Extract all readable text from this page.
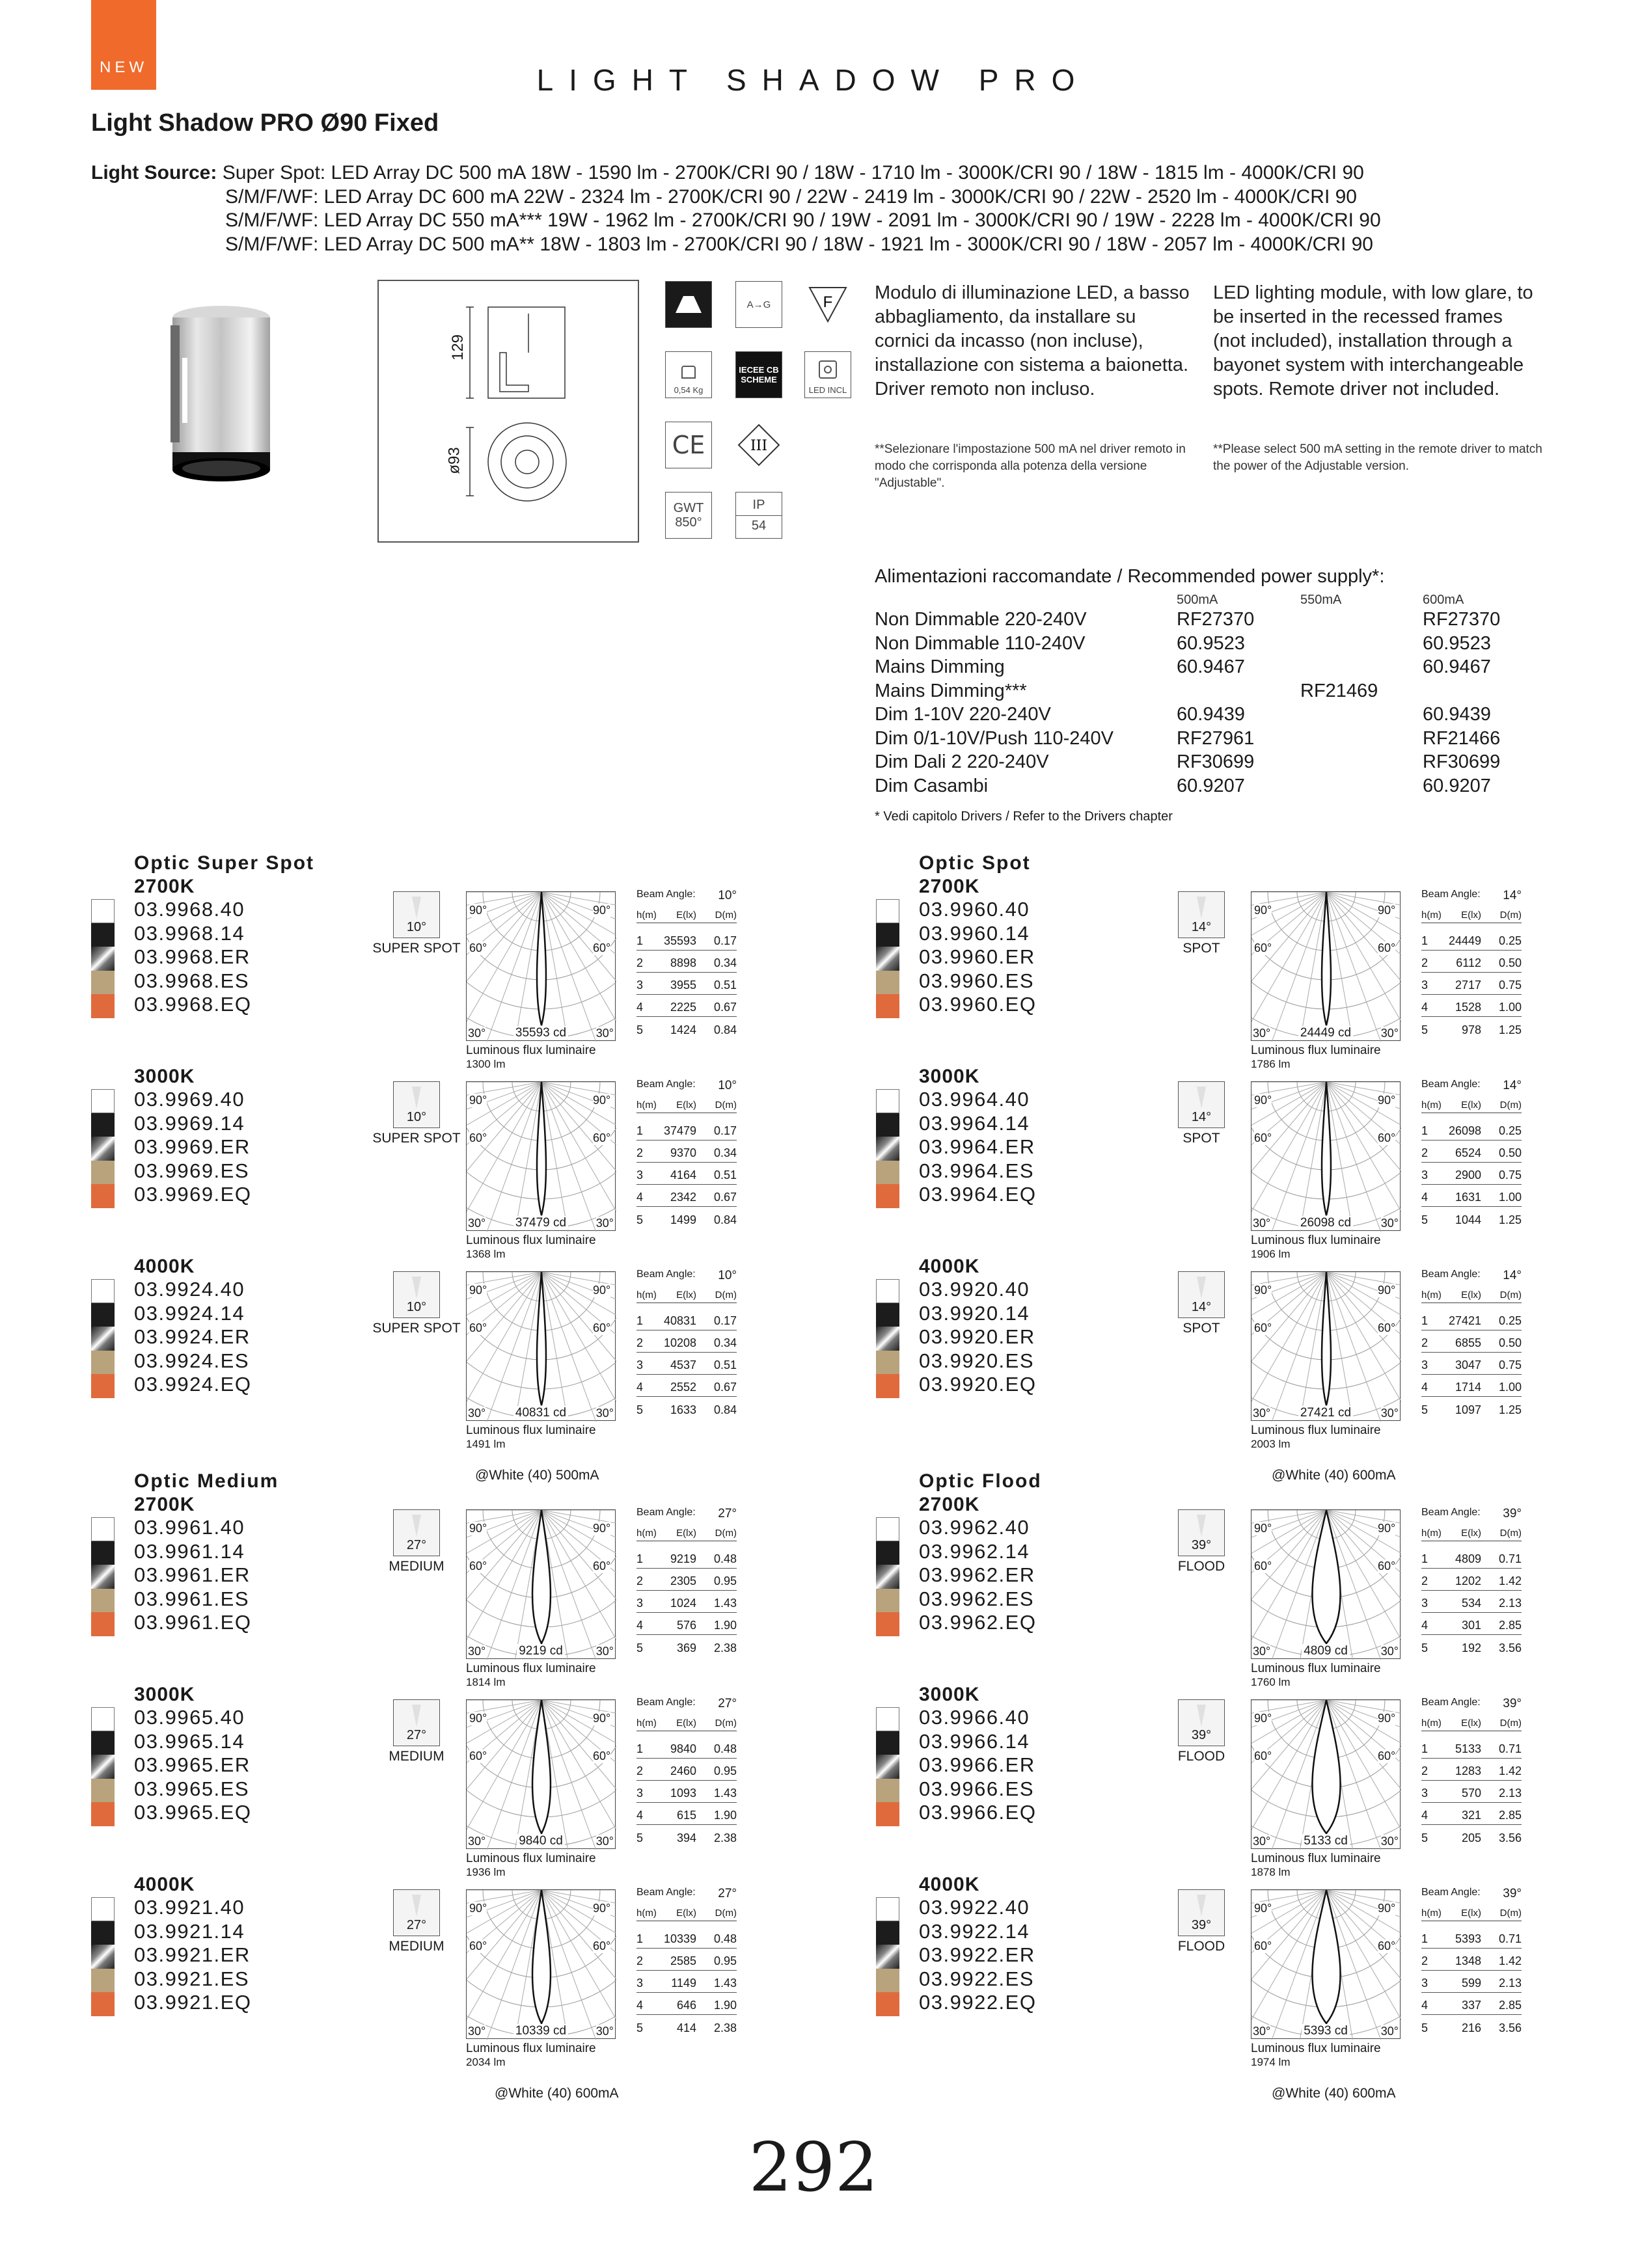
NEW	LIGHT SHADOW PRO
Light Shadow PRO Ø90 Fixed
Light Source: Super Spot: LED Array DC 500 mA 18W - 1590 lm - 2700K/CRI 90 / 18W - 1710 lm - 3000K/CRI 90 / 18W - 1815 lm - 4000K/CRI 90
S/M/F/WF: LED Array DC 600 mA 22W - 2324 lm - 2700K/CRI 90 / 22W - 2419 lm - 3000K/CRI 90 / 22W - 2520 lm - 4000K/CRI 90
S/M/F/WF: LED Array DC 550 mA*** 19W - 1962 lm - 2700K/CRI 90 / 19W - 2091 lm - 3000K/CRI 90 / 19W - 2228 lm - 4000K/CRI 90
S/M/F/WF: LED Array DC 500 mA** 18W - 1803 lm - 2700K/CRI 90 / 18W - 1921 lm - 3000K/CRI 90 / 18W - 2057 lm - 4000K/CRI 90
129
ø93
A→G	F
0,54 Kg
IECEE CB SCHEME
LED INCL
CE	III
GWT 850°
IP
54
Modulo di illuminazione LED, a basso abbagliamento, da installare su cornici da incasso (non incluse), installazione con sistema a baionetta. Driver remoto non incluso.
LED lighting module, with low glare, to be inserted in the recessed frames (not included), installation through a bayonet system with interchangeable spots. Remote driver not included.
**Selezionare l'impostazione 500 mA nel driver remoto in modo che corrisponda alla potenza della versione "Adjustable".
**Please select 500 mA setting in the remote driver to match the power of the Adjustable version.
Alimentazioni raccomandate / Recommended power supply*:
	500mA	550mA	600mA
Non Dimmable 220-240V	RF27370		RF27370
Non Dimmable 110-240V	60.9523		60.9523
Mains Dimming	60.9467		60.9467
Mains Dimming***		RF21469	
Dim 1-10V 220-240V	60.9439		60.9439
Dim 0/1-10V/Push 110-240V	RF27961		RF21466
Dim Dali 2 220-240V	RF30699		RF30699
Dim Casambi	60.9207		60.9207
* Vedi capitolo Drivers / Refer to the Drivers chapter
Optic Super Spot
2700K
03.9968.40
03.9968.14
03.9968.ER
03.9968.ES
03.9968.EQ
10°
SUPER SPOT
90°	90°
60°	60°
30°	30°
35593 cd
Luminous flux luminaire
1300 lm
Beam Angle: 10°
h(m)	E(lx)	D(m)
1	35593	0.17
2	8898	0.34
3	3955	0.51
4	2225	0.67
5	1424	0.84
3000K
03.9969.40
03.9969.14
03.9969.ER
03.9969.ES
03.9969.EQ
10°
SUPER SPOT
90°	90°
60°	60°
30°	30°
37479 cd
Luminous flux luminaire
1368 lm
Beam Angle: 10°
h(m)	E(lx)	D(m)
1	37479	0.17
2	9370	0.34
3	4164	0.51
4	2342	0.67
5	1499	0.84
4000K
03.9924.40
03.9924.14
03.9924.ER
03.9924.ES
03.9924.EQ
10°
SUPER SPOT
90°	90°
60°	60°
30°	30°
40831 cd
Luminous flux luminaire
1491 lm
Beam Angle: 10°
h(m)	E(lx)	D(m)
1	40831	0.17
2	10208	0.34
3	4537	0.51
4	2552	0.67
5	1633	0.84
Optic Spot
2700K
03.9960.40
03.9960.14
03.9960.ER
03.9960.ES
03.9960.EQ
14°
SPOT
90°	90°
60°	60°
30°	30°
24449 cd
Luminous flux luminaire
1786 lm
Beam Angle: 14°
h(m)	E(lx)	D(m)
1	24449	0.25
2	6112	0.50
3	2717	0.75
4	1528	1.00
5	978	1.25
3000K
03.9964.40
03.9964.14
03.9964.ER
03.9964.ES
03.9964.EQ
14°
SPOT
90°	90°
60°	60°
30°	30°
26098 cd
Luminous flux luminaire
1906 lm
Beam Angle: 14°
h(m)	E(lx)	D(m)
1	26098	0.25
2	6524	0.50
3	2900	0.75
4	1631	1.00
5	1044	1.25
4000K
03.9920.40
03.9920.14
03.9920.ER
03.9920.ES
03.9920.EQ
14°
SPOT
90°	90°
60°	60°
30°	30°
27421 cd
Luminous flux luminaire
2003 lm
Beam Angle: 14°
h(m)	E(lx)	D(m)
1	27421	0.25
2	6855	0.50
3	3047	0.75
4	1714	1.00
5	1097	1.25
Optic Medium
2700K
03.9961.40
03.9961.14
03.9961.ER
03.9961.ES
03.9961.EQ
27°
MEDIUM
90°	90°
60°	60°
30°	30°
9219 cd
Luminous flux luminaire
1814 lm
Beam Angle: 27°
h(m)	E(lx)	D(m)
1	9219	0.48
2	2305	0.95
3	1024	1.43
4	576	1.90
5	369	2.38
3000K
03.9965.40
03.9965.14
03.9965.ER
03.9965.ES
03.9965.EQ
27°
MEDIUM
90°	90°
60°	60°
30°	30°
9840 cd
Luminous flux luminaire
1936 lm
Beam Angle: 27°
h(m)	E(lx)	D(m)
1	9840	0.48
2	2460	0.95
3	1093	1.43
4	615	1.90
5	394	2.38
4000K
03.9921.40
03.9921.14
03.9921.ER
03.9921.ES
03.9921.EQ
27°
MEDIUM
90°	90°
60°	60°
30°	30°
10339 cd
Luminous flux luminaire
2034 lm
Beam Angle: 27°
h(m)	E(lx)	D(m)
1	10339	0.48
2	2585	0.95
3	1149	1.43
4	646	1.90
5	414	2.38
Optic Flood
2700K
03.9962.40
03.9962.14
03.9962.ER
03.9962.ES
03.9962.EQ
39°
FLOOD
90°	90°
60°	60°
30°	30°
4809 cd
Luminous flux luminaire
1760 lm
Beam Angle: 39°
h(m)	E(lx)	D(m)
1	4809	0.71
2	1202	1.42
3	534	2.13
4	301	2.85
5	192	3.56
3000K
03.9966.40
03.9966.14
03.9966.ER
03.9966.ES
03.9966.EQ
39°
FLOOD
90°	90°
60°	60°
30°	30°
5133 cd
Luminous flux luminaire
1878 lm
Beam Angle: 39°
h(m)	E(lx)	D(m)
1	5133	0.71
2	1283	1.42
3	570	2.13
4	321	2.85
5	205	3.56
4000K
03.9922.40
03.9922.14
03.9922.ER
03.9922.ES
03.9922.EQ
39°
FLOOD
90°	90°
60°	60°
30°	30°
5393 cd
Luminous flux luminaire
1974 lm
Beam Angle: 39°
h(m)	E(lx)	D(m)
1	5393	0.71
2	1348	1.42
3	599	2.13
4	337	2.85
5	216	3.56
@White (40) 500mA	@White (40) 600mA
@White (40) 600mA	@White (40) 600mA
292
